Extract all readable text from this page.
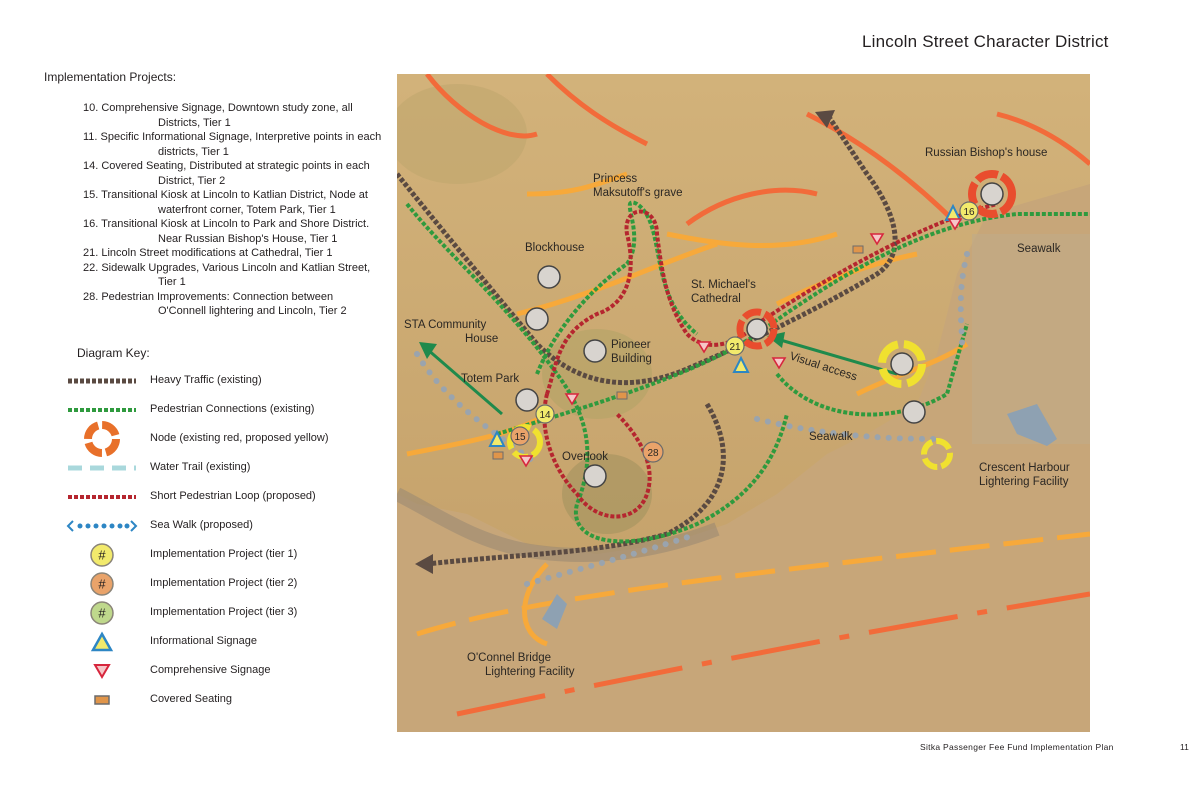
Lincoln Street Character District
Implementation Projects:
10. Comprehensive Signage, Downtown study zone, all Districts, Tier 1
11. Specific Informational Signage, Interpretive points in each districts, Tier 1
14. Covered Seating, Distributed at strategic points in each District, Tier 2
15. Transitional Kiosk at Lincoln to Katlian District, Node at waterfront corner, Totem Park, Tier 1
16. Transitional Kiosk at Lincoln to Park and Shore District. Near Russian Bishop's House, Tier 1
21. Lincoln Street modifications at Cathedral, Tier 1
22. Sidewalk Upgrades, Various Lincoln and Katlian Street, Tier 1
28. Pedestrian Improvements: Connection between O'Connell lightering and Lincoln, Tier 2
Diagram Key:
Heavy Traffic (existing)
Pedestrian Connections (existing)
Node (existing red, proposed yellow)
Water Trail (existing)
Short Pedestrian Loop (proposed)
Sea Walk (proposed)
#	Implementation Project (tier 1)
#	Implementation Project (tier 2)
#	Implementation Project (tier 3)
Informational Signage
Comprehensive Signage
Covered Seating
16
21
14
15
28
Russian Bishop's house
Princess Maksutoff's grave
Blockhouse	Seawalk
St. Michael's Cathedral
STA Community House	Pioneer Building
Totem Park	Visual access
Overlook
Seawalk
Crescent Harbour Lightering Facility
O'Connel Bridge Lightering Facility
Sitka Passenger Fee Fund Implementation Plan	11
